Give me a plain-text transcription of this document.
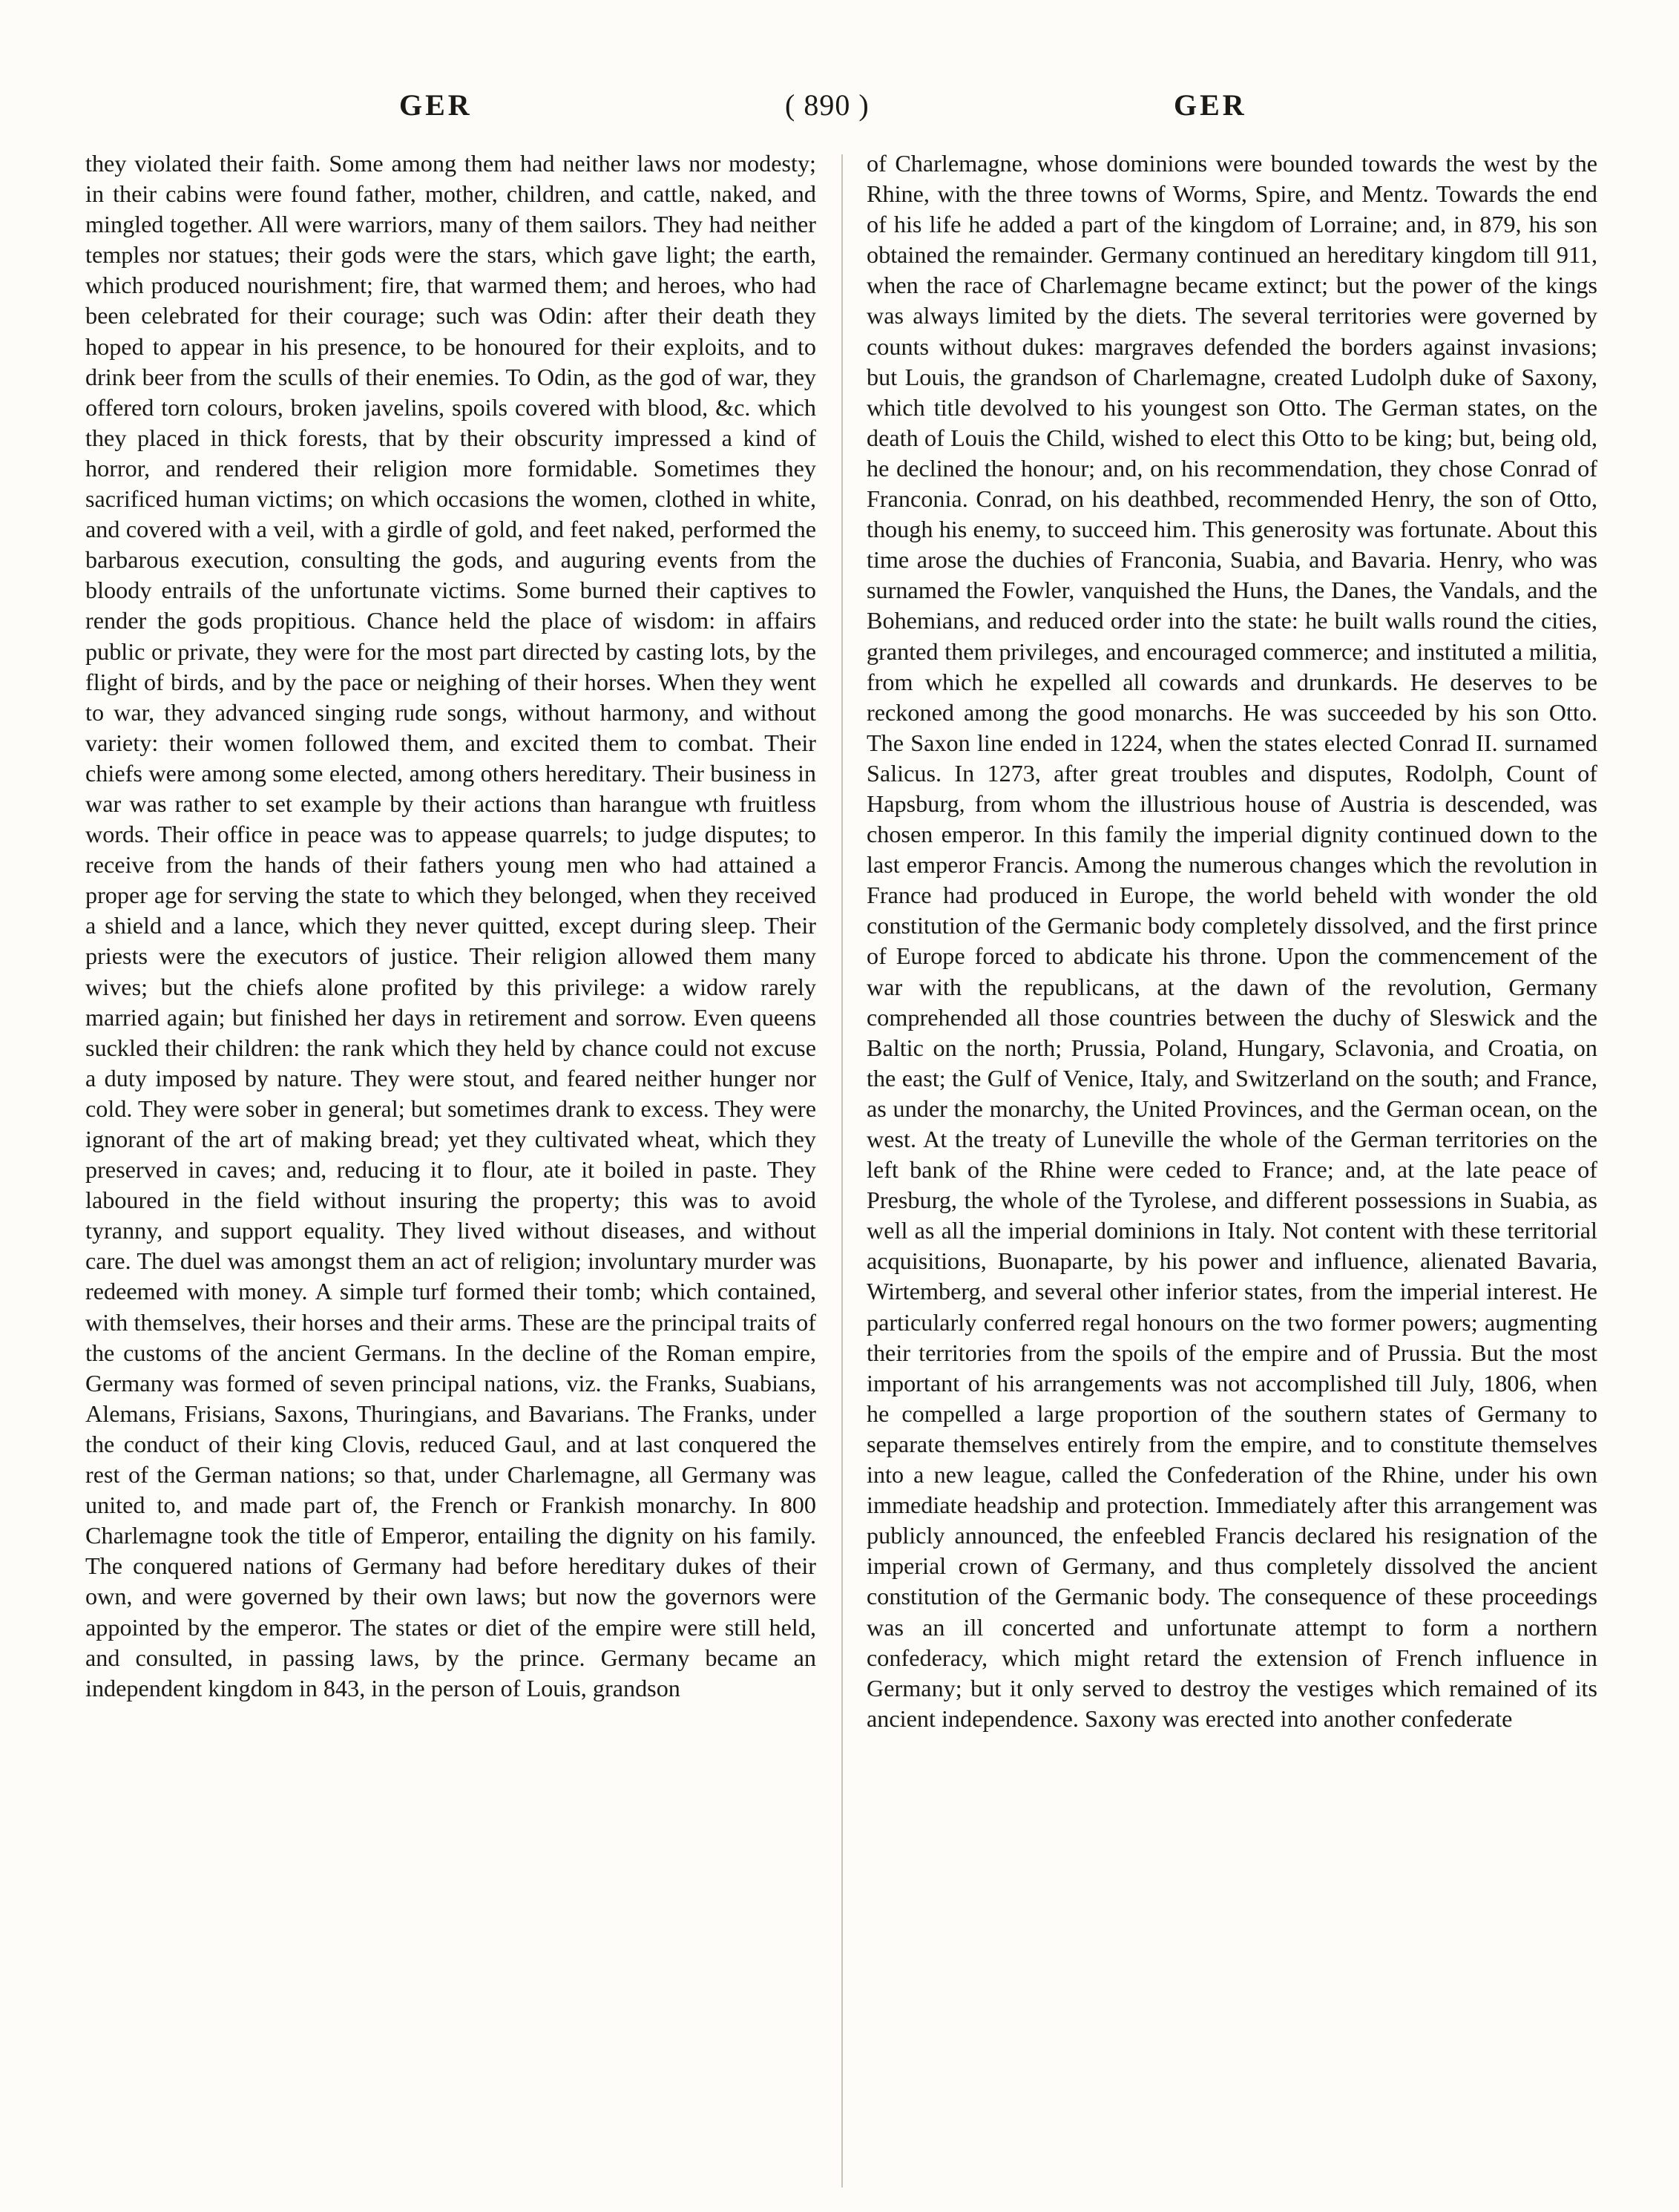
GER	( 890 )	GER

they violated their faith. Some among them had neither laws nor modesty; in their cabins were found father, mother, children, and cattle, naked, and mingled together. All were warriors, many of them sailors. They had neither temples nor statues; their gods were the stars, which gave light; the earth, which produced nourishment; fire, that warmed them; and heroes, who had been celebrated for their courage; such was Odin: after their death they hoped to appear in his presence, to be honoured for their exploits, and to drink beer from the sculls of their enemies. To Odin, as the god of war, they offered torn colours, broken javelins, spoils covered with blood, &c. which they placed in thick forests, that by their obscurity impressed a kind of horror, and rendered their religion more formidable. Sometimes they sacrificed human victims; on which occasions the women, clothed in white, and covered with a veil, with a girdle of gold, and feet naked, performed the barbarous execution, consulting the gods, and auguring events from the bloody entrails of the unfortunate victims. Some burned their captives to render the gods propitious. Chance held the place of wisdom: in affairs public or private, they were for the most part directed by casting lots, by the flight of birds, and by the pace or neighing of their horses. When they went to war, they advanced singing rude songs, without harmony, and without variety: their women followed them, and excited them to combat. Their chiefs were among some elected, among others hereditary. Their business in war was rather to set example by their actions than harangue wth fruitless words. Their office in peace was to appease quarrels; to judge disputes; to receive from the hands of their fathers young men who had attained a proper age for serving the state to which they belonged, when they received a shield and a lance, which they never quitted, except during sleep. Their priests were the executors of justice. Their religion allowed them many wives; but the chiefs alone profited by this privilege: a widow rarely married again; but finished her days in retirement and sorrow. Even queens suckled their children: the rank which they held by chance could not excuse a duty imposed by nature. They were stout, and feared neither hunger nor cold. They were sober in general; but sometimes drank to excess. They were ignorant of the art of making bread; yet they cultivated wheat, which they preserved in caves; and, reducing it to flour, ate it boiled in paste. They laboured in the field without insuring the property; this was to avoid tyranny, and support equality. They lived without diseases, and without care. The duel was amongst them an act of religion; involuntary murder was redeemed with money. A simple turf formed their tomb; which contained, with themselves, their horses and their arms. These are the principal traits of the customs of the ancient Germans. In the decline of the Roman empire, Germany was formed of seven principal nations, viz. the Franks, Suabians, Alemans, Frisians, Saxons, Thuringians, and Bavarians. The Franks, under the conduct of their king Clovis, reduced Gaul, and at last conquered the rest of the German nations; so that, under Charlemagne, all Germany was united to, and made part of, the French or Frankish monarchy. In 800 Charlemagne took the title of Emperor, entailing the dignity on his family. The conquered nations of Germany had before hereditary dukes of their own, and were governed by their own laws; but now the governors were appointed by the emperor. The states or diet of the empire were still held, and consulted, in passing laws, by the prince. Germany became an independent kingdom in 843, in the person of Louis, grandson

of Charlemagne, whose dominions were bounded towards the west by the Rhine, with the three towns of Worms, Spire, and Mentz. Towards the end of his life he added a part of the kingdom of Lorraine; and, in 879, his son obtained the remainder. Germany continued an hereditary kingdom till 911, when the race of Charlemagne became extinct; but the power of the kings was always limited by the diets. The several territories were governed by counts without dukes: margraves defended the borders against invasions; but Louis, the grandson of Charlemagne, created Ludolph duke of Saxony, which title devolved to his youngest son Otto. The German states, on the death of Louis the Child, wished to elect this Otto to be king; but, being old, he declined the honour; and, on his recommendation, they chose Conrad of Franconia. Conrad, on his deathbed, recommended Henry, the son of Otto, though his enemy, to succeed him. This generosity was fortunate. About this time arose the duchies of Franconia, Suabia, and Bavaria. Henry, who was surnamed the Fowler, vanquished the Huns, the Danes, the Vandals, and the Bohemians, and reduced order into the state: he built walls round the cities, granted them privileges, and encouraged commerce; and instituted a militia, from which he expelled all cowards and drunkards. He deserves to be reckoned among the good monarchs. He was succeeded by his son Otto. The Saxon line ended in 1224, when the states elected Conrad II. surnamed Salicus. In 1273, after great troubles and disputes, Rodolph, Count of Hapsburg, from whom the illustrious house of Austria is descended, was chosen emperor. In this family the imperial dignity continued down to the last emperor Francis. Among the numerous changes which the revolution in France had produced in Europe, the world beheld with wonder the old constitution of the Germanic body completely dissolved, and the first prince of Europe forced to abdicate his throne. Upon the commencement of the war with the republicans, at the dawn of the revolution, Germany comprehended all those countries between the duchy of Sleswick and the Baltic on the north; Prussia, Poland, Hungary, Sclavonia, and Croatia, on the east; the Gulf of Venice, Italy, and Switzerland on the south; and France, as under the monarchy, the United Provinces, and the German ocean, on the west. At the treaty of Luneville the whole of the German territories on the left bank of the Rhine were ceded to France; and, at the late peace of Presburg, the whole of the Tyrolese, and different possessions in Suabia, as well as all the imperial dominions in Italy. Not content with these territorial acquisitions, Buonaparte, by his power and influence, alienated Bavaria, Wirtemberg, and several other inferior states, from the imperial interest. He particularly conferred regal honours on the two former powers; augmenting their territories from the spoils of the empire and of Prussia. But the most important of his arrangements was not accomplished till July, 1806, when he compelled a large proportion of the southern states of Germany to separate themselves entirely from the empire, and to constitute themselves into a new league, called the Confederation of the Rhine, under his own immediate headship and protection. Immediately after this arrangement was publicly announced, the enfeebled Francis declared his resignation of the imperial crown of Germany, and thus completely dissolved the ancient constitution of the Germanic body. The consequence of these proceedings was an ill concerted and unfortunate attempt to form a northern confederacy, which might retard the extension of French influence in Germany; but it only served to destroy the vestiges which remained of its ancient independence. Saxony was erected into another confederate
